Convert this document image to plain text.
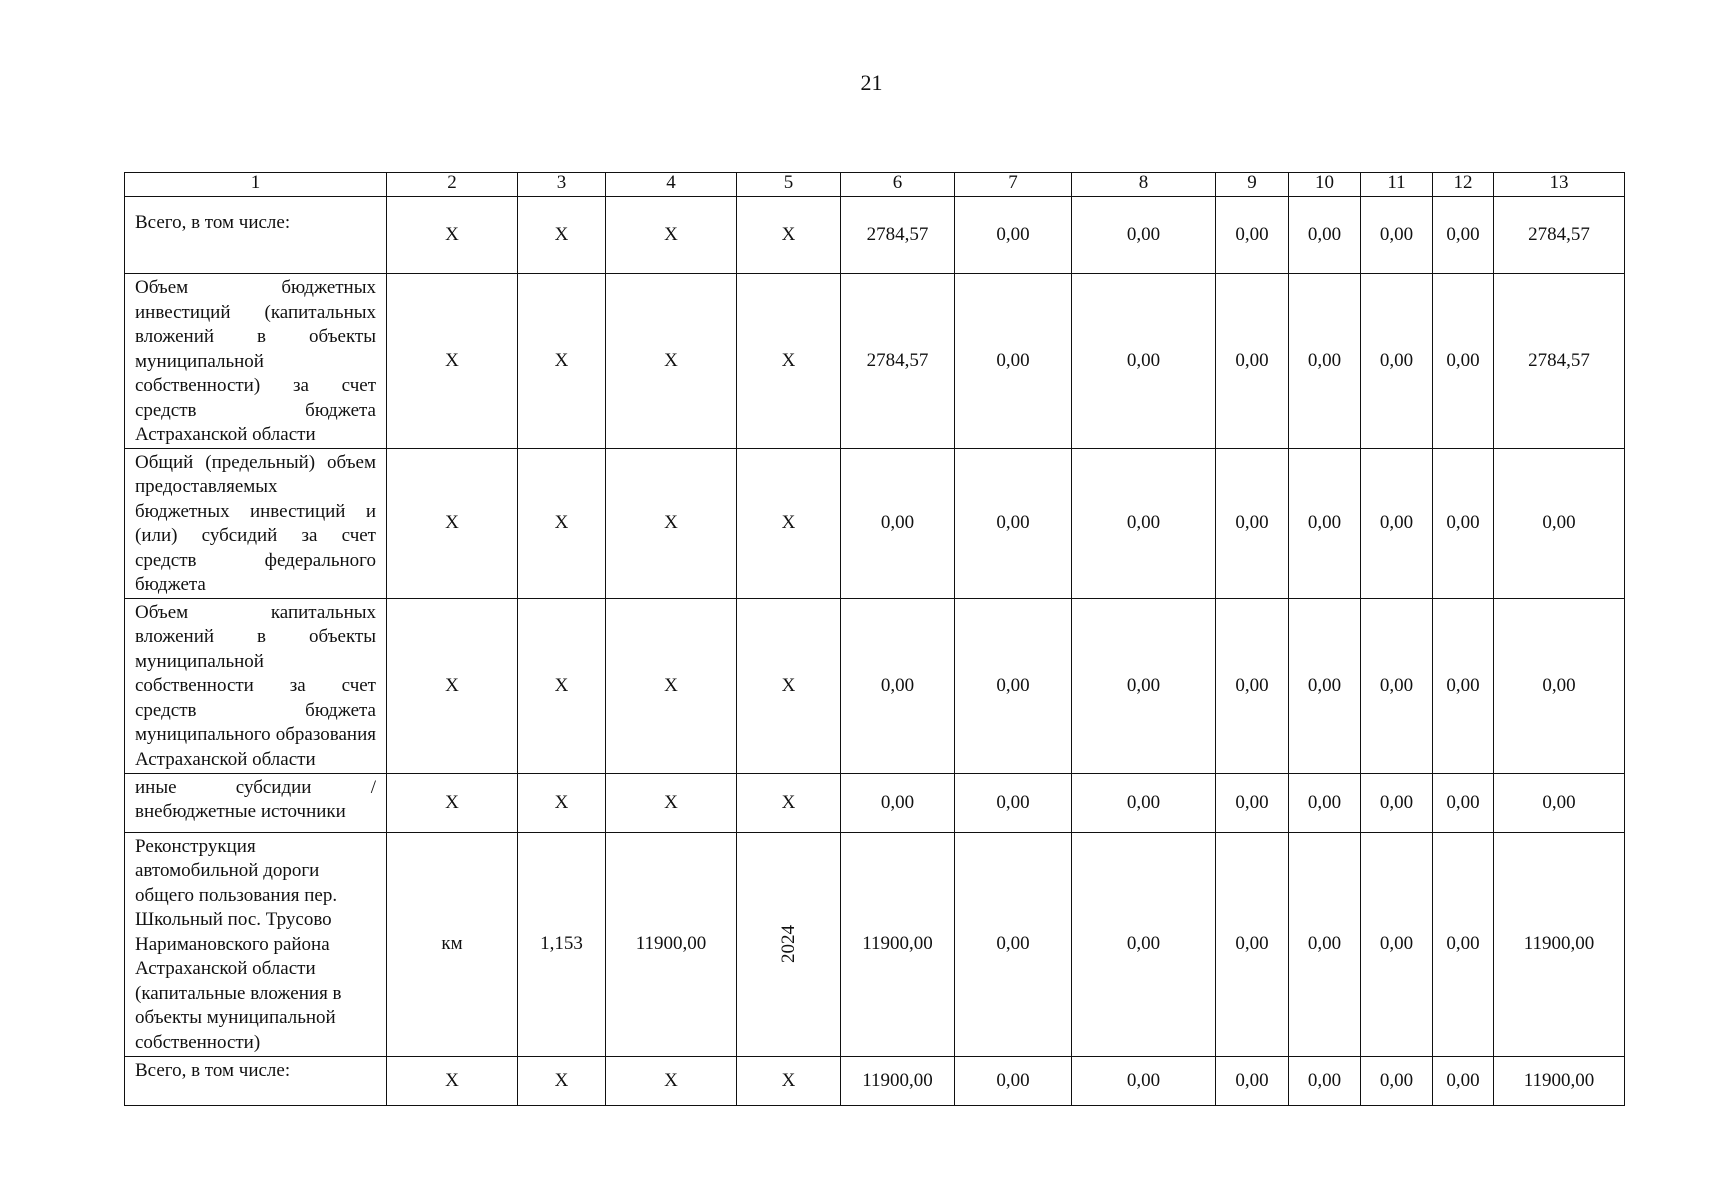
21
1	2	3	4	5	6	7	8	9	10	11	12	13
Всего, в том числе:	Х	Х	Х	Х	2784,57	0,00	0,00	0,00	0,00	0,00	0,00	2784,57
Объем бюджетных инвестиций (капитальных вложений в объекты муниципальной собственности) за счет средств бюджета Астраханской области	Х	Х	Х	Х	2784,57	0,00	0,00	0,00	0,00	0,00	0,00	2784,57
Общий (предельный) объем предоставляемых бюджетных инвестиций и (или) субсидий за счет средств федерального бюджета	Х	Х	Х	Х	0,00	0,00	0,00	0,00	0,00	0,00	0,00	0,00
Объем капитальных вложений в объекты муниципальной собственности за счет средств бюджета муниципального образования Астраханской области	Х	Х	Х	Х	0,00	0,00	0,00	0,00	0,00	0,00	0,00	0,00
иные субсидии / внебюджетные источники	Х	Х	Х	Х	0,00	0,00	0,00	0,00	0,00	0,00	0,00	0,00
Реконструкция автомобильной дороги общего пользования пер. Школьный пос. Трусово Наримановского района Астраханской области (капитальные вложения в объекты муниципальной собственности)	км	1,153	11900,00	2024	11900,00	0,00	0,00	0,00	0,00	0,00	0,00	11900,00
Всего, в том числе:	Х	Х	Х	Х	11900,00	0,00	0,00	0,00	0,00	0,00	0,00	11900,00
